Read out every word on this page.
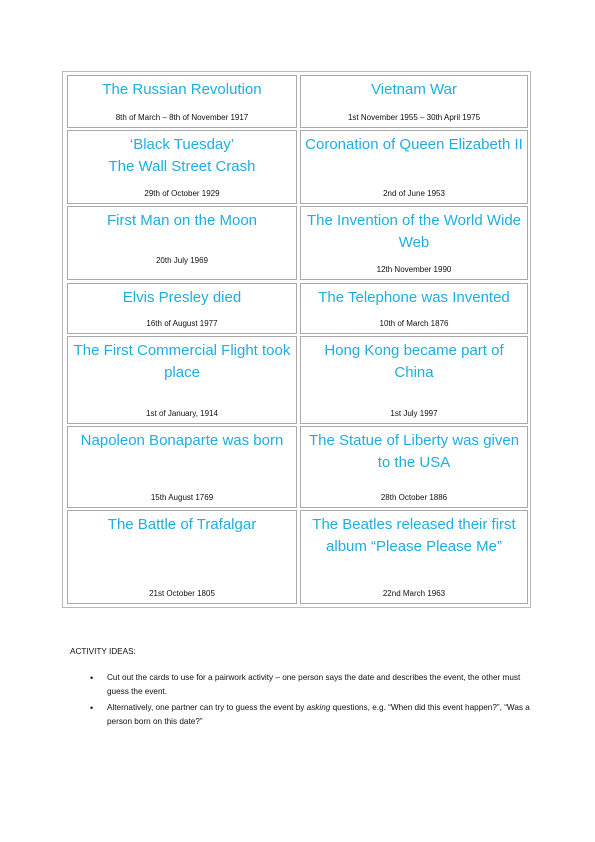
The Russian Revolution
8th of March – 8th of November 1917
Vietnam War
1st November 1955 – 30th April 1975
‘Black Tuesday’
The Wall Street Crash
29th of October 1929
Coronation of Queen Elizabeth II
2nd of June 1953
First Man on the Moon
20th July 1969
The Invention of the World Wide Web
12th November 1990
Elvis Presley died
16th of August 1977
The Telephone was Invented
10th of March 1876
The First Commercial Flight took place
1st of January, 1914
Hong Kong became part of China
1st July 1997
Napoleon Bonaparte was born
15th August 1769
The Statue of Liberty was given to the USA
28th October 1886
The Battle of Trafalgar
21st October 1805
The Beatles released their first album “Please Please Me”
22nd March 1963
ACTIVITY IDEAS:
• Cut out the cards to use for a pairwork activity – one person says the date and describes the event, the other must guess the event.
• Alternatively, one partner can try to guess the event by asking questions, e.g. “When did this event happen?”, “Was a person born on this date?”
